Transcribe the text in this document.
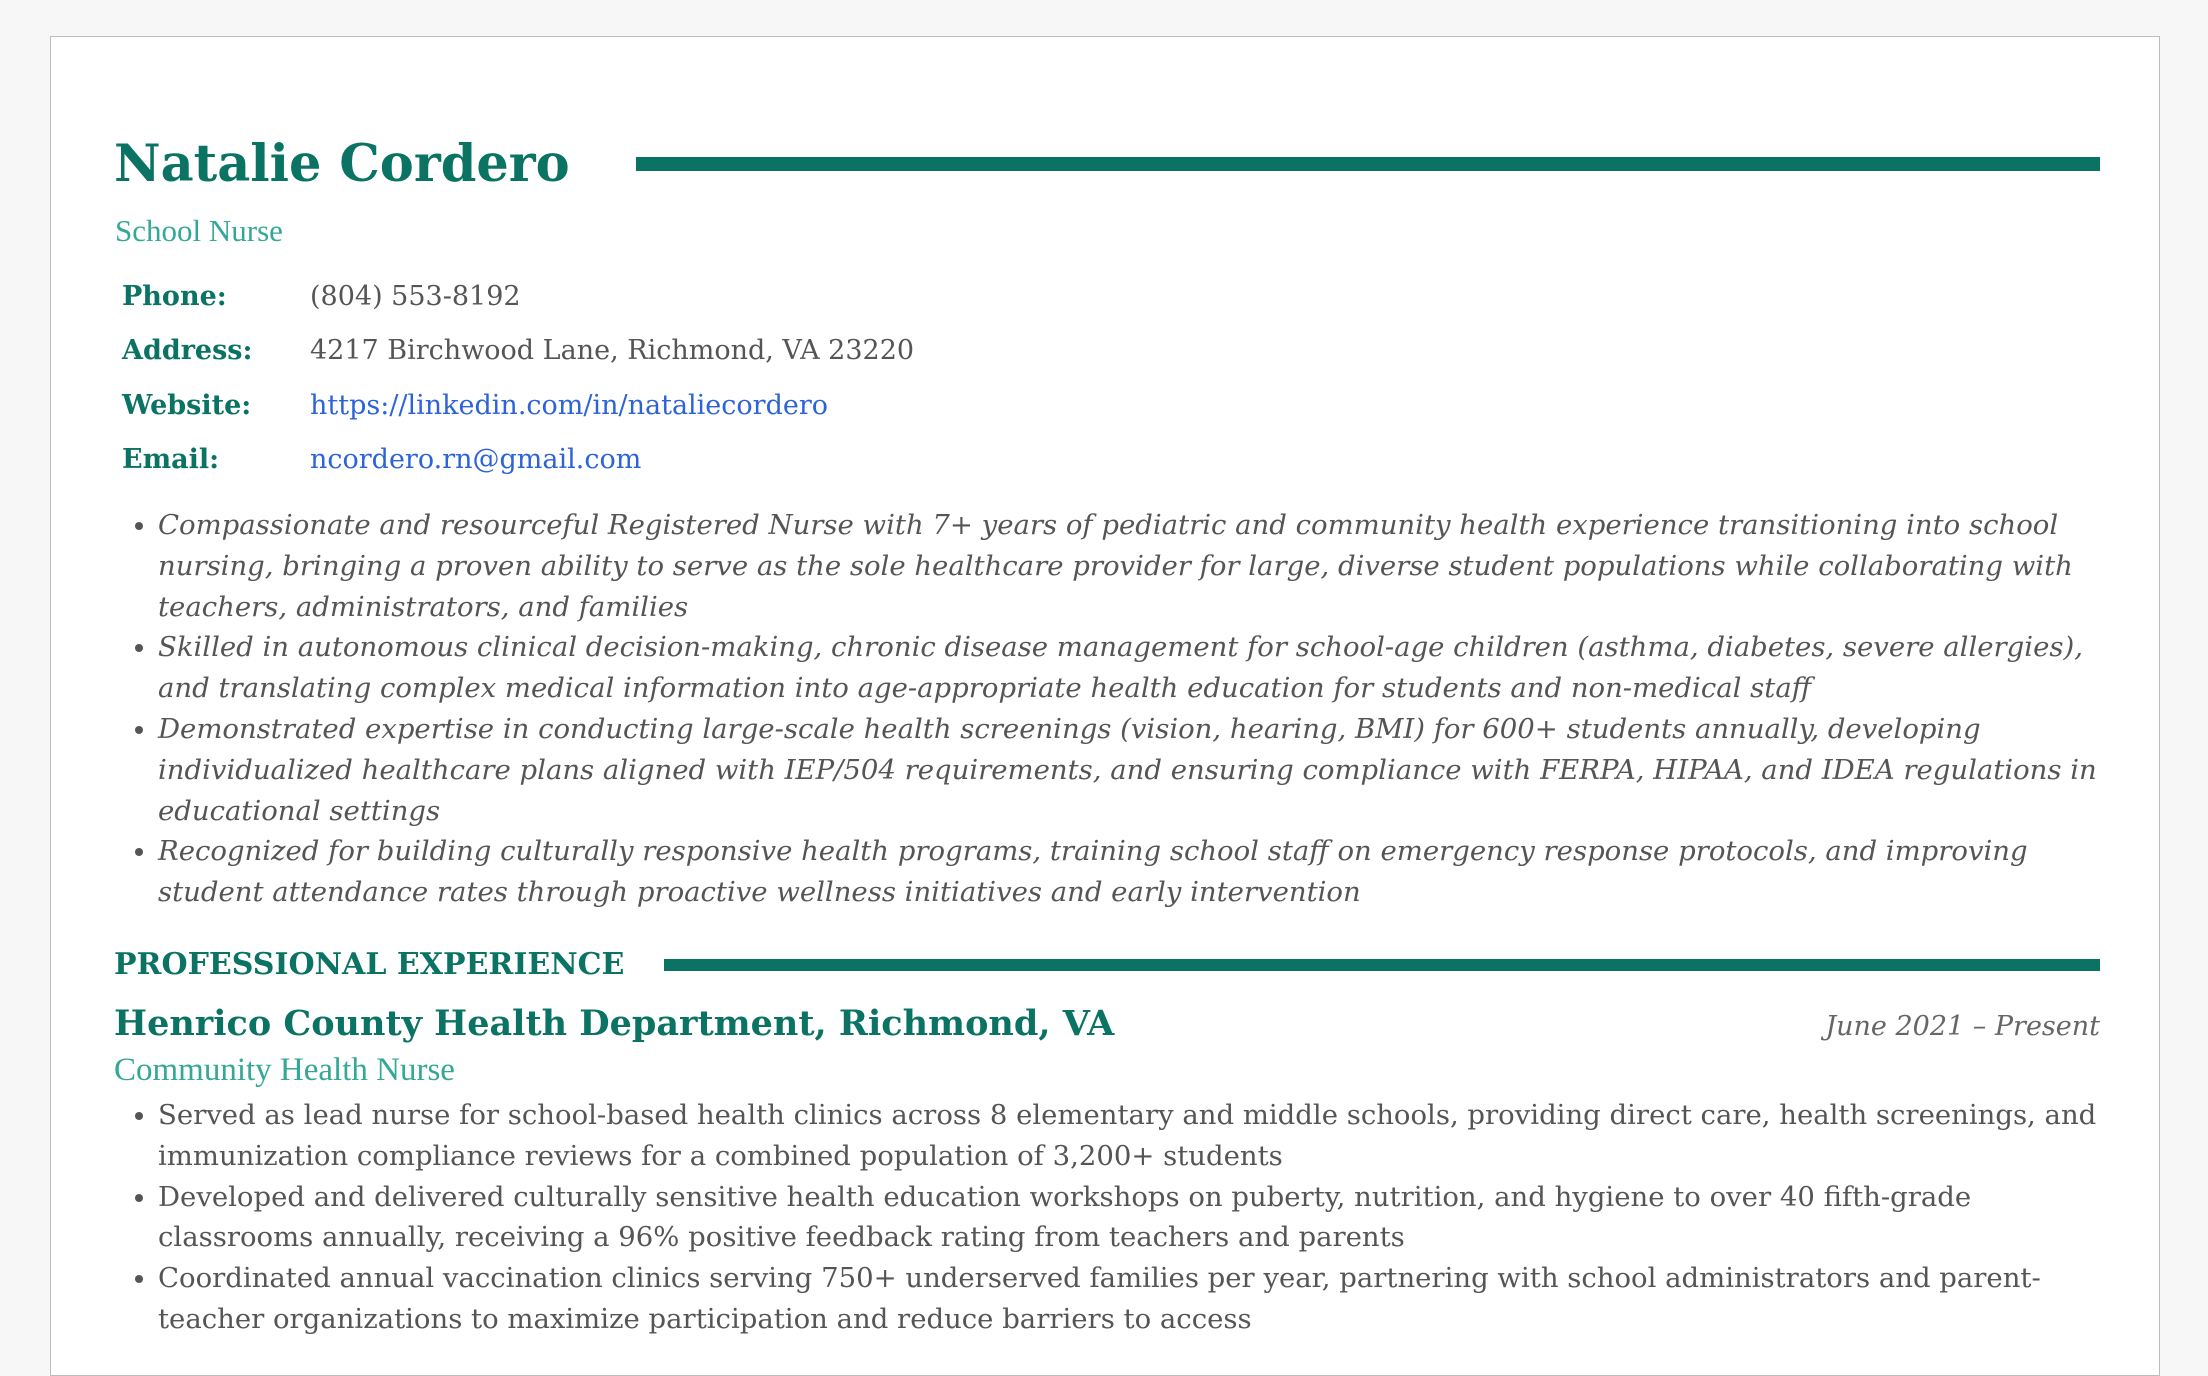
Natalie Cordero
School Nurse
Phone:	(804) 553-8192
Address:	4217 Birchwood Lane, Richmond, VA 23220
Website:	https://linkedin.com/in/nataliecordero
Email:	ncordero.rn@gmail.com
• Compassionate and resourceful Registered Nurse with 7+ years of pediatric and community health experience transitioning into school nursing, bringing a proven ability to serve as the sole healthcare provider for large, diverse student populations while collaborating with teachers, administrators, and families
• Skilled in autonomous clinical decision-making, chronic disease management for school-age children (asthma, diabetes, severe allergies), and translating complex medical information into age-appropriate health education for students and non-medical staff
• Demonstrated expertise in conducting large-scale health screenings (vision, hearing, BMI) for 600+ students annually, developing individualized healthcare plans aligned with IEP/504 requirements, and ensuring compliance with FERPA, HIPAA, and IDEA regulations in educational settings
• Recognized for building culturally responsive health programs, training school staff on emergency response protocols, and improving student attendance rates through proactive wellness initiatives and early intervention
PROFESSIONAL EXPERIENCE
Henrico County Health Department, Richmond, VA	June 2021 – Present
Community Health Nurse
• Served as lead nurse for school-based health clinics across 8 elementary and middle schools, providing direct care, health screenings, and immunization compliance reviews for a combined population of 3,200+ students
• Developed and delivered culturally sensitive health education workshops on puberty, nutrition, and hygiene to over 40 fifth-grade classrooms annually, receiving a 96% positive feedback rating from teachers and parents
• Coordinated annual vaccination clinics serving 750+ underserved families per year, partnering with school administrators and parent-teacher organizations to maximize participation and reduce barriers to access
